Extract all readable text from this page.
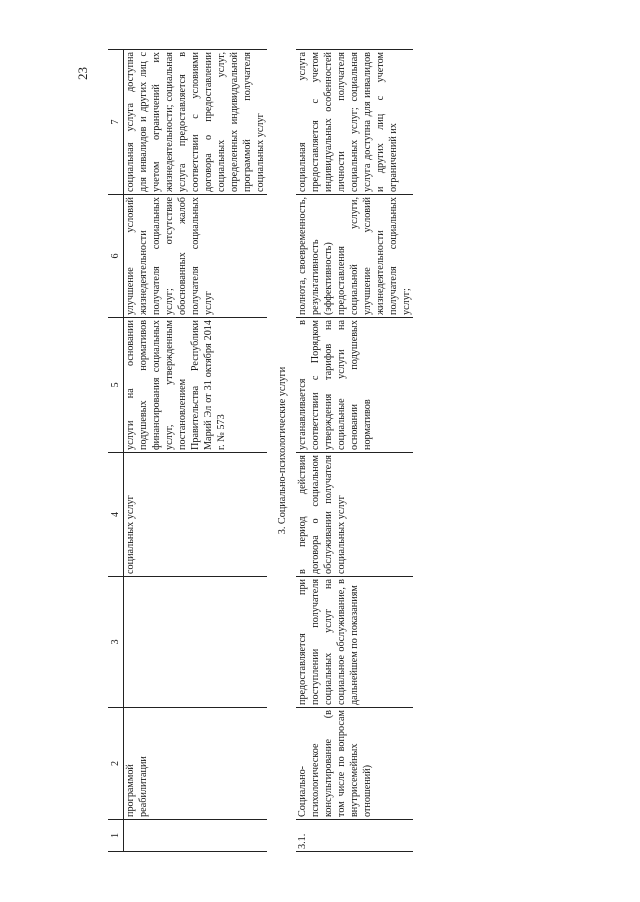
23
1	2	3	4	5	6	7
	программой реабилитации		социальных услуг	услуги на основании подушевых нормативов финансирования социальных услуг, утвержденным постановлением Правительства Республики Марий Эл от 31 октября 2014 г. № 573	улучшение условий жизнедеятельности получателя социальных услуг; отсутствие обоснованных жалоб получателя социальных услуг	социальная услуга доступна для инвалидов и других лиц с учетом ограничений их жизнедеятельности; социальная услуга предоставляется в соответствии с условиями договора о предоставлении социальных услуг, определенных индивидуальной программой получателя социальных услуг
3. Социально-психологические услуги						
3.1.	Социально-психологическое консультирование (в том числе по вопросам внутрисемейных отношений)	предоставляется при поступлении получателя социальных услуг на социальное обслуживание, в дальнейшем по показаниям	в период действия договора о социальном обслуживании получателя социальных услуг	устанавливается в соответствии с Порядком утверждения тарифов на социальные услуги на основании подушевых нормативов	полнота, своевременность, результативность (эффективность) предоставления социальной услуги, улучшение условий жизнедеятельности получателя социальных услуг;	социальная услуга предоставляется с учетом индивидуальных особенностей личности получателя социальных услуг; социальная услуга доступна для инвалидов и других лиц с учетом ограничений их
